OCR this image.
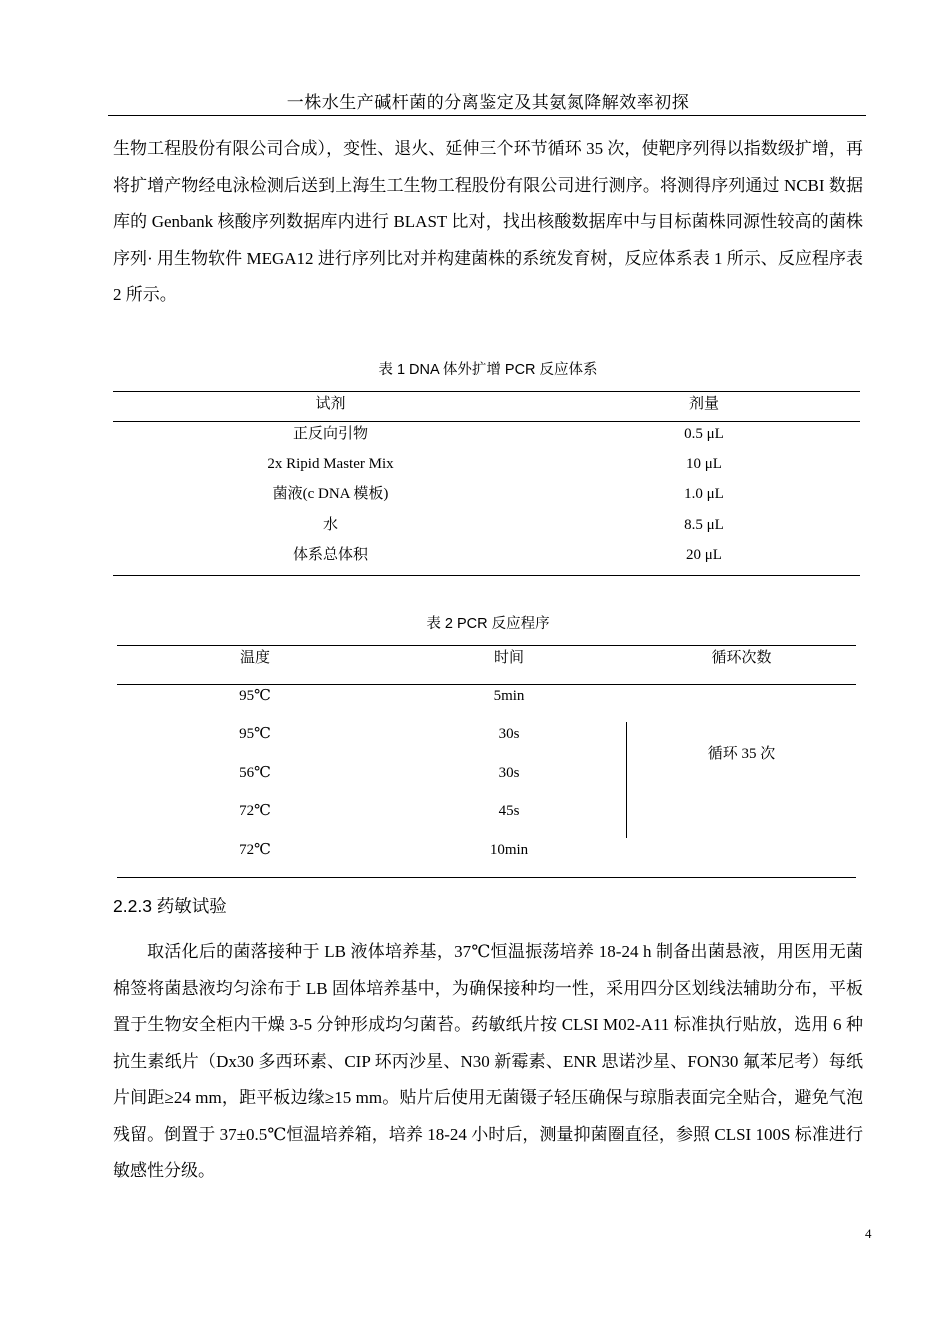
一株水生产碱杆菌的分离鉴定及其氨氮降解效率初探

生物工程股份有限公司合成），变性、退火、延伸三个环节循环 35 次，使靶序列得以指数级扩增，再将扩增产物经电泳检测后送到上海生工生物工程股份有限公司进行测序。将测得序列通过 NCBI 数据库的 Genbank 核酸序列数据库内进行 BLAST 比对，找出核酸数据库中与目标菌株同源性较高的菌株序列· 用生物软件 MEGA12 进行序列比对并构建菌株的系统发育树，反应体系表 1 所示、反应程序表 2 所示。

表 1 DNA 体外扩增 PCR 反应体系
试剂	剂量
正反向引物	0.5 μL
2x Ripid Master Mix	10 μL
菌液(c DNA 模板)	1.0 μL
水	8.5 μL
体系总体积	20 μL
表 2 PCR 反应程序
温度	时间	循环次数
95℃	5min
95℃	30s
56℃	30s
72℃	45s
72℃	10min
循环 35 次
2.2.3 药敏试验

取活化后的菌落接种于 LB 液体培养基，37℃恒温振荡培养 18-24 h 制备出菌悬液，用医用无菌棉签将菌悬液均匀涂布于 LB 固体培养基中，为确保接种均一性，采用四分区划线法辅助分布，平板置于生物安全柜内干燥 3-5 分钟形成均匀菌苔。药敏纸片按 CLSI M02-A11 标准执行贴放，选用 6 种抗生素纸片（Dx30 多西环素、CIP 环丙沙星、N30 新霉素、ENR 思诺沙星、FON30 氟苯尼考）每纸片间距≥24 mm，距平板边缘≥15 mm。贴片后使用无菌镊子轻压确保与琼脂表面完全贴合，避免气泡残留。倒置于 37±0.5℃恒温培养箱，培养 18-24 小时后，测量抑菌圈直径，参照 CLSI 100S 标准进行敏感性分级。

4
